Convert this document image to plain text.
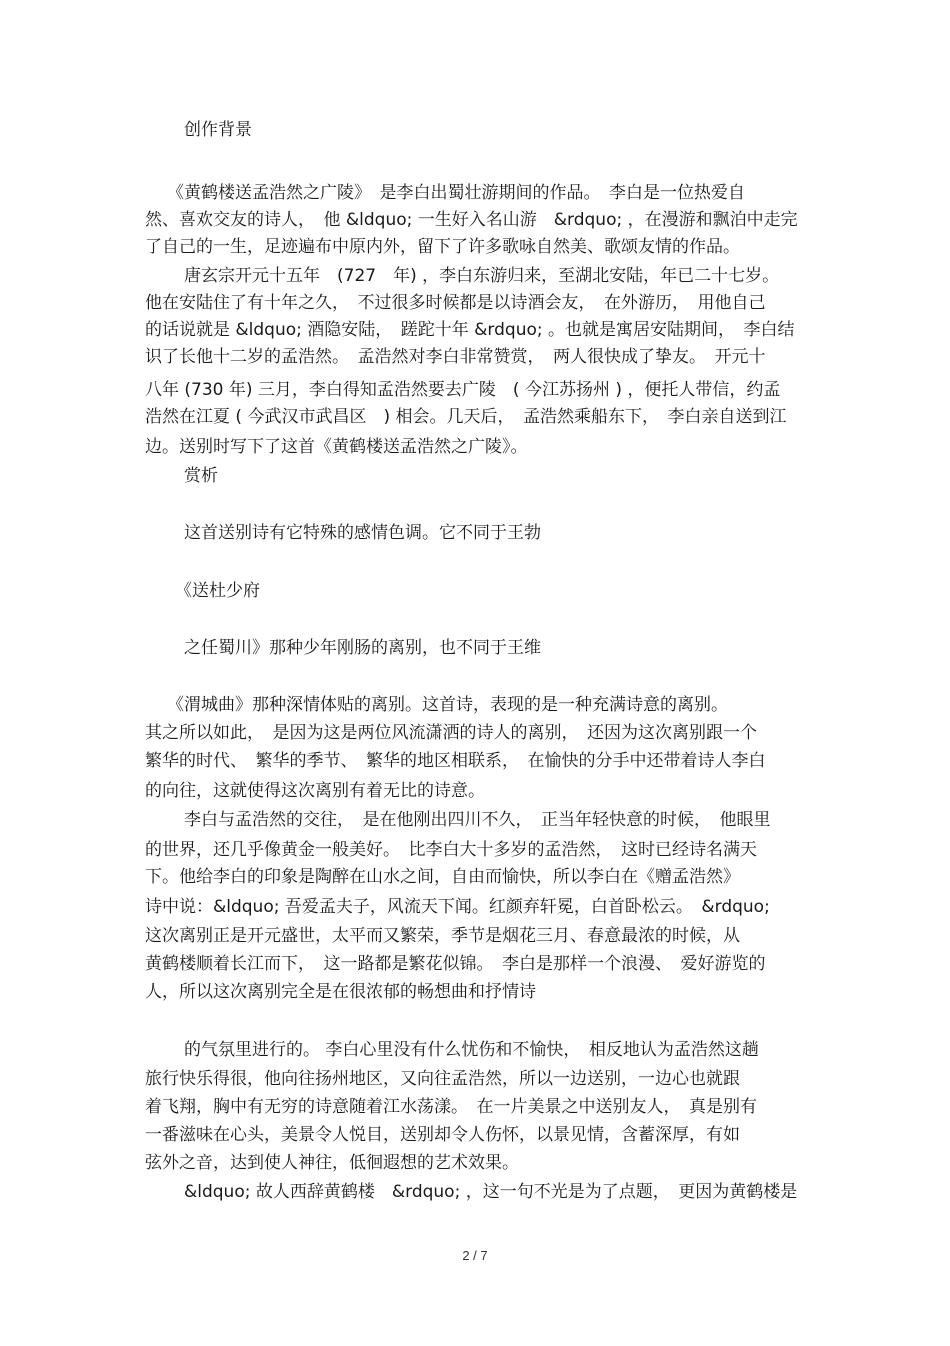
创作背景
《黄鹤楼送孟浩然之广陵》　是李白出蜀壮游期间的作品。　李白是一位热爱自
然、喜欢交友的诗人，　他 &ldquo; 一生好入名山游　&rdquo; ，在漫游和飘泊中走完
了自己的一生，足迹遍布中原内外，留下了许多歌咏自然美、歌颂友情的作品。
唐玄宗开元十五年　(727　年) ，李白东游归来，至湖北安陆，年已二十七岁。
他在安陆住了有十年之久，　不过很多时候都是以诗酒会友，　在外游历，　用他自己
的话说就是 &ldquo; 酒隐安陆，　蹉跎十年 &rdquo; 。也就是寓居安陆期间，　李白结
识了长他十二岁的孟浩然。　孟浩然对李白非常赞赏，　两人很快成了挚友。　开元十
八年 (730 年) 三月，李白得知孟浩然要去广陵　( 今江苏扬州 ) ，便托人带信，约孟
浩然在江夏 ( 今武汉市武昌区　) 相会。几天后，　孟浩然乘船东下，　李白亲自送到江
边。送别时写下了这首《黄鹤楼送孟浩然之广陵》。
赏析
这首送别诗有它特殊的感情色调。它不同于王勃
《送杜少府
之任蜀川》那种少年刚肠的离别，也不同于王维
《渭城曲》那种深情体贴的离别。这首诗，表现的是一种充满诗意的离别。
其之所以如此，　是因为这是两位风流潇洒的诗人的离别，　还因为这次离别跟一个
繁华的时代、　繁华的季节、　繁华的地区相联系，　在愉快的分手中还带着诗人李白
的向往，这就使得这次离别有着无比的诗意。
李白与孟浩然的交往，　是在他刚出四川不久，　正当年轻快意的时候，　他眼里
的世界，还几乎像黄金一般美好。　比李白大十多岁的孟浩然，　这时已经诗名满天
下。他给李白的印象是陶醉在山水之间，自由而愉快，所以李白在《赠孟浩然》
诗中说：&ldquo; 吾爱孟夫子，风流天下闻。红颜弃轩冕，白首卧松云。　&rdquo;
这次离别正是开元盛世，太平而又繁荣，季节是烟花三月、春意最浓的时候，从
黄鹤楼顺着长江而下，　这一路都是繁花似锦。　李白是那样一个浪漫、　爱好游览的
人，所以这次离别完全是在很浓郁的畅想曲和抒情诗
的气氛里进行的。 李白心里没有什么忧伤和不愉快，　相反地认为孟浩然这趟
旅行快乐得很，他向往扬州地区，又向往孟浩然，所以一边送别，一边心也就跟
着飞翔，胸中有无穷的诗意随着江水荡漾。　在一片美景之中送别友人，　真是别有
一番滋味在心头，美景令人悦目，送别却令人伤怀，以景见情，含蓄深厚，有如
弦外之音，达到使人神往，低徊遐想的艺术效果。
&ldquo; 故人西辞黄鹤楼　&rdquo; ，这一句不光是为了点题，　更因为黄鹤楼是
2 / 7
